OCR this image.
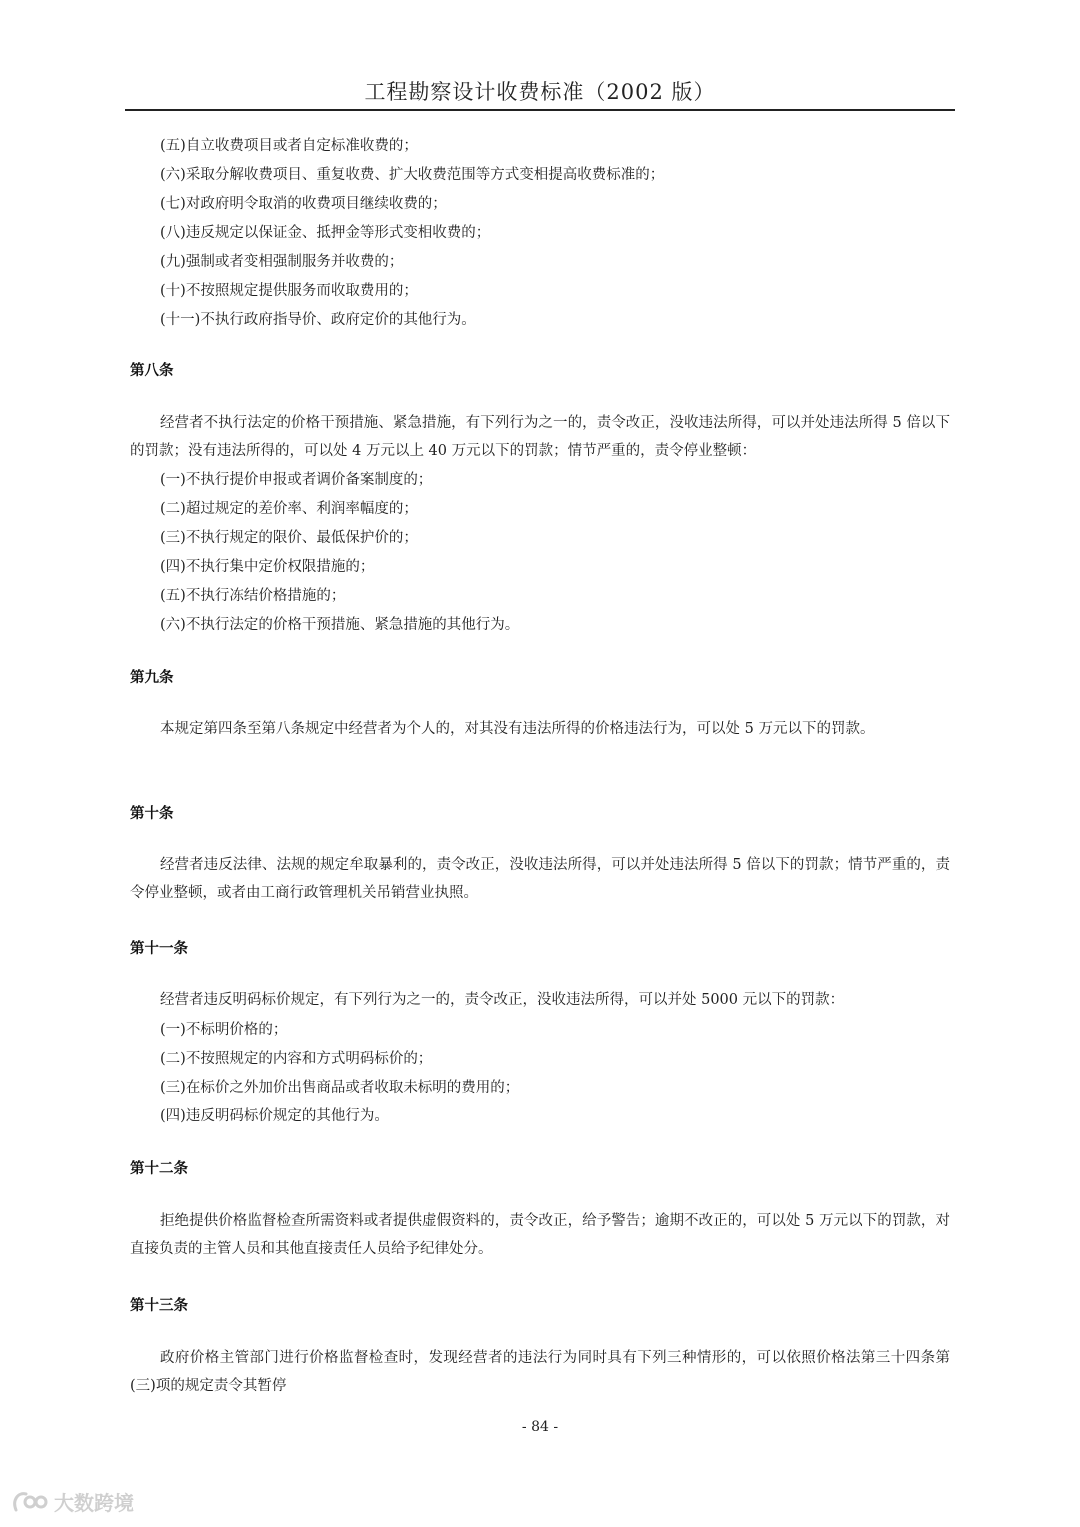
工程勘察设计收费标准（2002 版）
(五)自立收费项目或者自定标准收费的；
(六)采取分解收费项目、重复收费、扩大收费范围等方式变相提高收费标准的；
(七)对政府明令取消的收费项目继续收费的；
(八)违反规定以保证金、抵押金等形式变相收费的；
(九)强制或者变相强制服务并收费的；
(十)不按照规定提供服务而收取费用的；
(十一)不执行政府指导价、政府定价的其他行为。
第八条
经营者不执行法定的价格干预措施、紧急措施，有下列行为之一的，责令改正，没收违法所得，可以并处违法所得 5 倍以下的罚款；没有违法所得的，可以处 4 万元以上 40 万元以下的罚款；情节严重的，责令停业整顿：
(一)不执行提价申报或者调价备案制度的；
(二)超过规定的差价率、利润率幅度的；
(三)不执行规定的限价、最低保护价的；
(四)不执行集中定价权限措施的；
(五)不执行冻结价格措施的；
(六)不执行法定的价格干预措施、紧急措施的其他行为。
第九条
本规定第四条至第八条规定中经营者为个人的，对其没有违法所得的价格违法行为，可以处 5 万元以下的罚款。
第十条
经营者违反法律、法规的规定牟取暴利的，责令改正，没收违法所得，可以并处违法所得 5 倍以下的罚款；情节严重的，责令停业整顿，或者由工商行政管理机关吊销营业执照。
第十一条
经营者违反明码标价规定，有下列行为之一的，责令改正，没收违法所得，可以并处 5000 元以下的罚款：
(一)不标明价格的；
(二)不按照规定的内容和方式明码标价的；
(三)在标价之外加价出售商品或者收取未标明的费用的；
(四)违反明码标价规定的其他行为。
第十二条
拒绝提供价格监督检查所需资料或者提供虚假资料的，责令改正，给予警告；逾期不改正的，可以处 5 万元以下的罚款，对直接负责的主管人员和其他直接责任人员给予纪律处分。
第十三条
政府价格主管部门进行价格监督检查时，发现经营者的违法行为同时具有下列三种情形的，可以依照价格法第三十四条第(三)项的规定责令其暂停
- 84 -
大数跨境
